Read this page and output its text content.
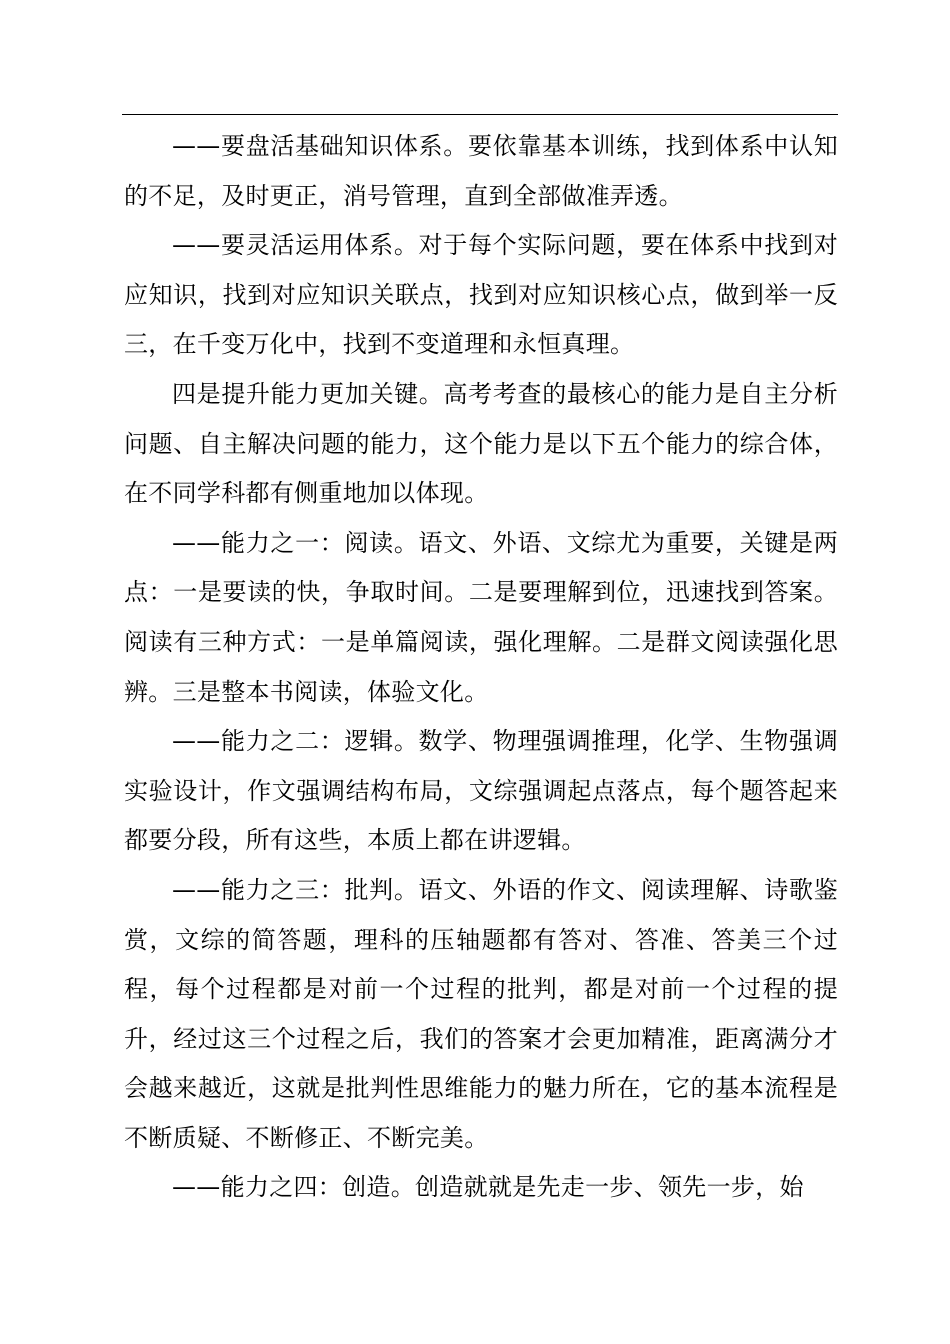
——要盘活基础知识体系。要依靠基本训练，找到体系中认知的不足，及时更正，消号管理，直到全部做准弄透。

——要灵活运用体系。对于每个实际问题，要在体系中找到对应知识，找到对应知识关联点，找到对应知识核心点，做到举一反三，在千变万化中，找到不变道理和永恒真理。

四是提升能力更加关键。高考考查的最核心的能力是自主分析问题、自主解决问题的能力，这个能力是以下五个能力的综合体，在不同学科都有侧重地加以体现。

——能力之一：阅读。语文、外语、文综尤为重要，关键是两点：一是要读的快，争取时间。二是要理解到位，迅速找到答案。阅读有三种方式：一是单篇阅读，强化理解。二是群文阅读强化思辨。三是整本书阅读，体验文化。

——能力之二：逻辑。数学、物理强调推理，化学、生物强调实验设计，作文强调结构布局，文综强调起点落点，每个题答起来都要分段，所有这些，本质上都在讲逻辑。

——能力之三：批判。语文、外语的作文、阅读理解、诗歌鉴赏，文综的简答题，理科的压轴题都有答对、答准、答美三个过程，每个过程都是对前一个过程的批判，都是对前一个过程的提升，经过这三个过程之后，我们的答案才会更加精准，距离满分才会越来越近，这就是批判性思维能力的魅力所在，它的基本流程是不断质疑、不断修正、不断完美。

——能力之四：创造。创造就就是先走一步、领先一步，始
